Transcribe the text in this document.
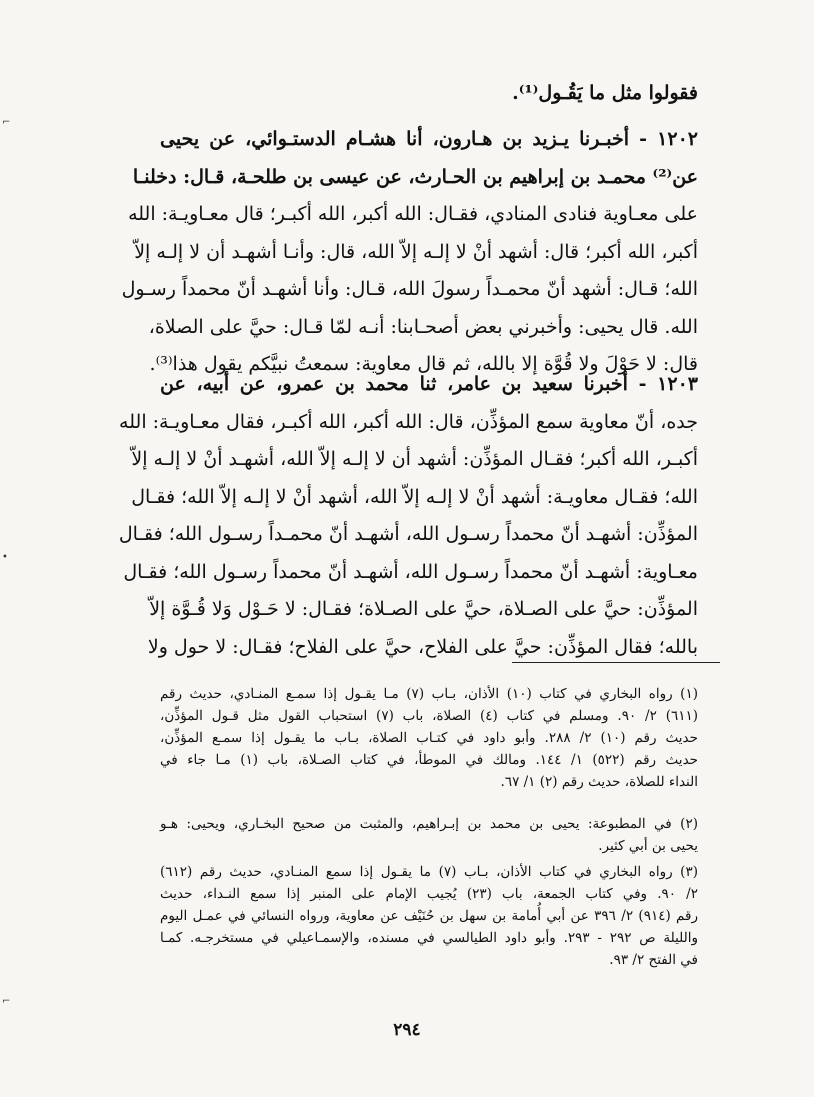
⌐
•
⌐
فقولوا مثل ما يَقُـول⁽¹⁾.
١٢٠٢ - أخبـرنا يـزيد بن هـارون، أنا هشـام الدستـوائي، عن يحيى
عن⁽²⁾ محمـد بن إبراهيم بن الحـارث، عن عيسى بن طلحـة، قـال: دخلنـا
على معـاوية فنادى المنادي، فقـال: الله أكبر، الله أكبـر؛ قال معـاويـة: الله
أكبر، الله أكبر؛ قال: أشهد أنْ لا إلـه إلاّ الله، قال: وأنـا أشهـد أن لا إلـه إلاّ
الله؛ قـال: أشهد أنّ محمـداً رسولَ الله، قـال: وأنا أشهـد أنّ محمداً رسـول
الله. قال يحيى: وأخبرني بعض أصحـابنا: أنـه لمّا قـال: حيَّ على الصلاة،
قال: لا حَوْلَ ولا قُوَّة إلا بالله، ثم قال معاوية: سمعتُ نبيَّكم يقول هذا⁽³⁾.
١٢٠٣ - أخبرنا سعيد بن عامر، ثنا محمد بن عمرو، عن أبيه، عن
جده، أنّ معاوية سمع المؤذِّن، قال: الله أكبر، الله أكبـر، فقال معـاويـة: الله
أكبـر، الله أكبر؛ فقـال المؤذِّن: أشهد أن لا إلـه إلاّ الله، أشهـد أنْ لا إلـه إلاّ
الله؛ فقـال معاويـة: أشهد أنْ لا إلـه إلاّ الله، أشهد أنْ لا إلـه إلاّ الله؛ فقـال
المؤذِّن: أشهـد أنّ محمداً رسـول الله، أشهـد أنّ محمـداً رسـول الله؛ فقـال
معـاوية: أشهـد أنّ محمداً رسـول الله، أشهـد أنّ محمداً رسـول الله؛ فقـال
المؤذِّن: حيَّ على الصـلاة، حيَّ على الصـلاة؛ فقـال: لا حَـوْل وَلا قُـوَّة إلاّ
بالله؛ فقال المؤذِّن: حيَّ على الفلاح، حيَّ على الفلاح؛ فقـال: لا حول ولا
(١) رواه البخاري في كتاب (١٠) الأذان، بـاب (٧) مـا يقـول إذا سمـع المنـادي، حديث رقم
(٦١١) ٢/ ٩٠. ومسلم في كتاب (٤) الصلاة، باب (٧) استحباب القول مثل قـول المؤذِّن،
حديث رقم (١٠) ٢/ ٢٨٨. وأبو داود في كتـاب الصلاة، بـاب ما يقـول إذا سمـع المؤذِّن،
حديث رقم (٥٢٢) ١/ ١٤٤. ومالك في الموطأ، في كتاب الصـلاة، باب (١) مـا جاء في
النداء للصلاة، حديث رقم (٢) ١/ ٦٧.
(٢) في المطبوعة: يحيى بن محمد بن إبـراهيم، والمثبت من صحيح البخـاري، ويحيى: هـو
يحيى بن أبي كثير.
(٣) رواه البخاري في كتاب الأذان، بـاب (٧) ما يقـول إذا سمع المنـادي، حديث رقم (٦١٢)
٢/ ٩٠. وفي كتاب الجمعة، باب (٢٣) يُجيب الإمام على المنبر إذا سمع النـداء، حديث
رقم (٩١٤) ٢/ ٣٩٦ عن أبي أُمامة بن سهل بن حُنَيْف عن معاوية، ورواه النسائي في عمـل اليوم
والليلة ص ٢٩٢ - ٢٩٣. وأبو داود الطيالسي في مسنده، والإسمـاعيلي في مستخرجـه. كمـا
في الفتح ٢/ ٩٣.
٢٩٤
